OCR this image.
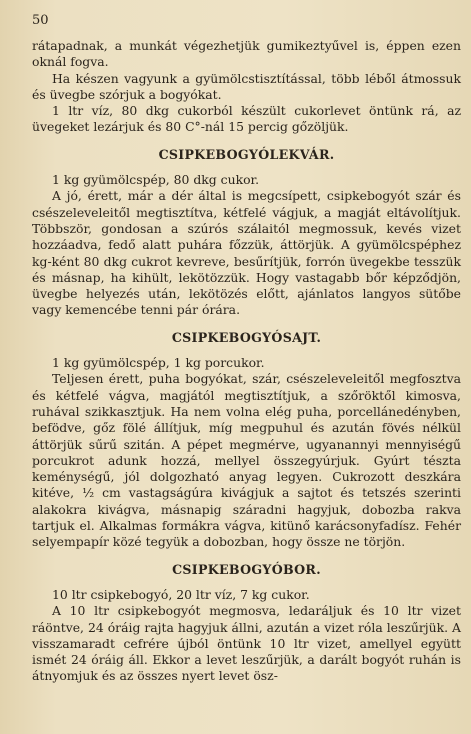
50

rátapadnak, a munkát végezhetjük gumikeztyűvel is, éppen ezen oknál fogva.

Ha készen vagyunk a gyümölcstisztítással, több léből átmossuk és üvegbe szórjuk a bogyókat.

1 ltr víz, 80 dkg cukorból készült cukorlevet öntünk rá, az üvegeket lezárjuk és 80 C°-nál 15 percig gőzöljük.

CSIPKEBOGYÓLEKVÁR.

1 kg gyümölcspép, 80 dkg cukor.

A jó, érett, már a dér által is megcsípett, csipkebogyót szár és csészeleveleitől megtisztítva, kétfelé vágjuk, a magját eltávolítjuk. Többször, gondosan a szúrós szálaitól megmossuk, kevés vizet hozzáadva, fedő alatt puhára főzzük, áttörjük. A gyümölcspéphez kg-ként 80 dkg cukrot kevreve, besűrítjük, forrón üvegekbe tesszük és másnap, ha kihült, lekötözzük. Hogy vastagabb bőr képződjön, üvegbe helyezés után, lekötözés előtt, ajánlatos langyos sütőbe vagy kemencébe tenni pár órára.

CSIPKEBOGYÓSAJT.

1 kg gyümölcspép, 1 kg porcukor.

Teljesen érett, puha bogyókat, szár, csészeleveleitől megfosztva és kétfelé vágva, magjától megtisztítjuk, a szőröktől kimosva, ruhával szikkasztjuk. Ha nem volna elég puha, porcellánedényben, befödve, gőz fölé állítjuk, míg megpuhul és azután fövés nélkül áttörjük sűrű szitán. A pépet megmérve, ugyanannyi mennyiségű porcukrot adunk hozzá, mellyel összegyúrjuk. Gyúrt tészta keménységű, jól dolgozható anyag legyen. Cukrozott deszkára kitéve, ½ cm vastagságúra kivágjuk a sajtot és tetszés szerinti alakokra kivágva, másnapig száradni hagyjuk, dobozba rakva tartjuk el. Alkalmas formákra vágva, kitünő karácsonyfadísz. Fehér selyempapír közé tegyük a dobozban, hogy össze ne törjön.

CSIPKEBOGYÓBOR.

10 ltr csipkebogyó, 20 ltr víz, 7 kg cukor.

A 10 ltr csipkebogyót megmosva, ledaráljuk és 10 ltr vizet ráöntve, 24 óráig rajta hagyjuk állni, azután a vizet róla leszűrjük. A visszamaradt cefrére újból öntünk 10 ltr vizet, amellyel együtt ismét 24 óráig áll. Ekkor a levet leszűrjük, a darált bogyót ruhán is átnyomjuk és az összes nyert levet ösz-
